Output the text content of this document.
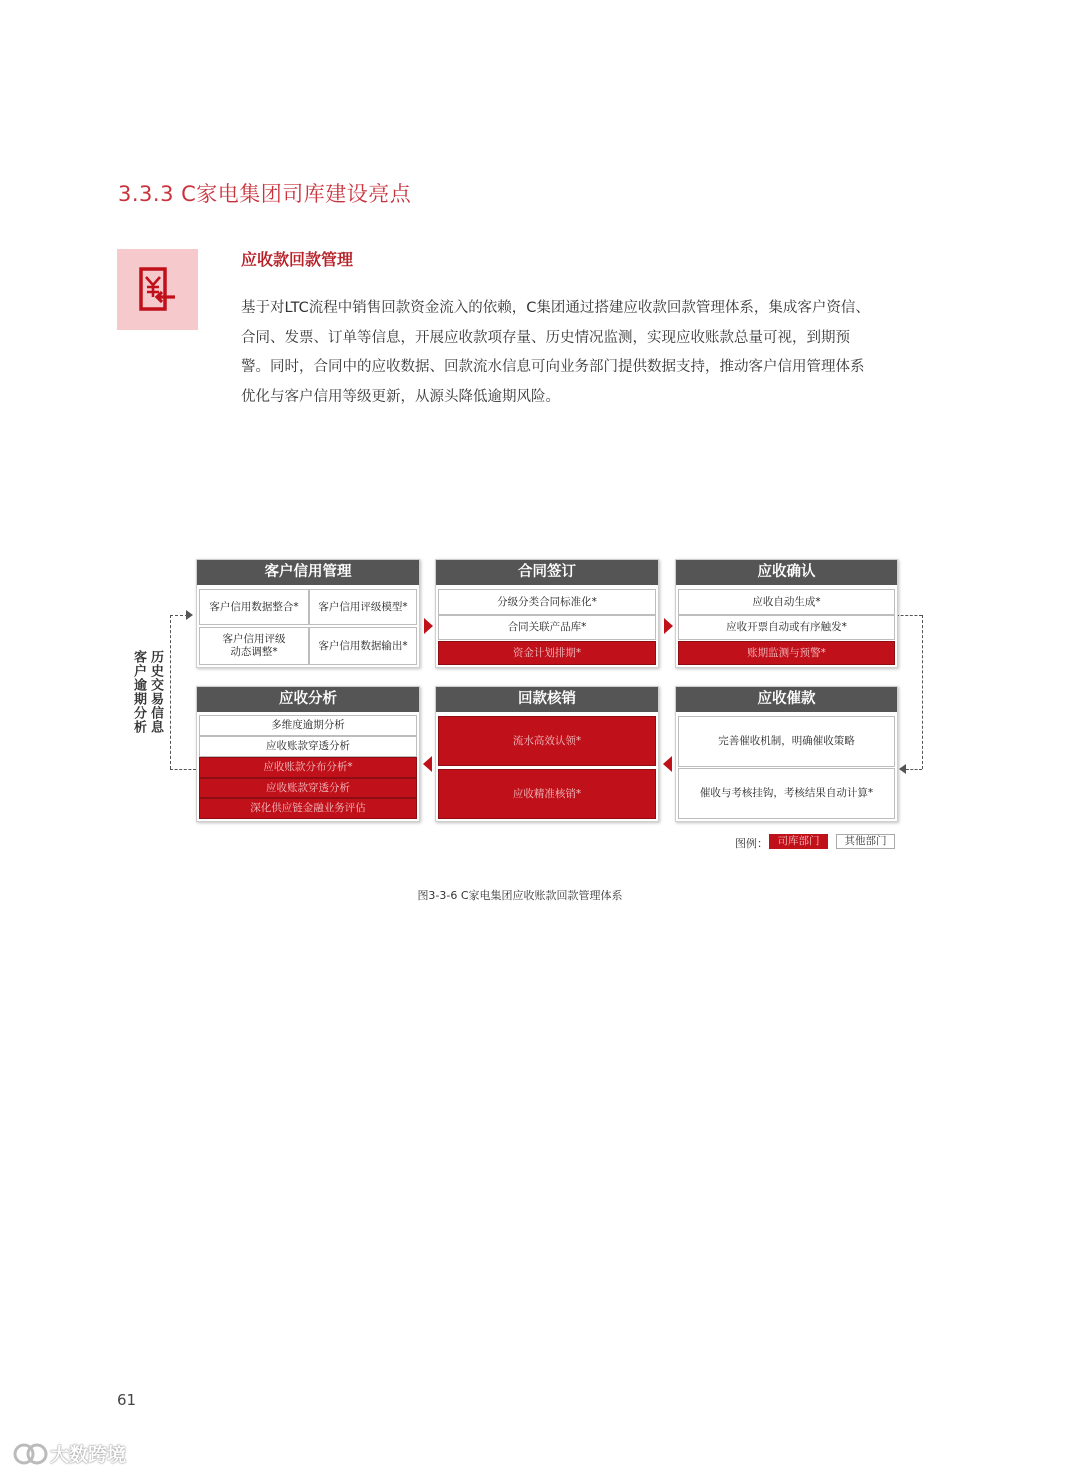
3.3.3 C家电集团司库建设亮点
应收款回款管理
基于对LTC流程中销售回款资金流入的依赖，C集团通过搭建应收款回款管理体系，集成客户资信、
合同、发票、订单等信息，开展应收款项存量、历史情况监测，实现应收账款总量可视，到期预
警。同时，合同中的应收数据、回款流水信息可向业务部门提供数据支持，推动客户信用管理体系
优化与客户信用等级更新，从源头降低逾期风险。
历史交易信息
客户逾期分析
客户信用管理
客户信用数据整合*	客户信用评级模型*
客户信用评级动态调整*
客户信用数据输出*
合同签订
分级分类合同标准化*
合同关联产品库*
资金计划排期*
应收确认
应收自动生成*
应收开票自动或有序触发*
账期监测与预警*
应收分析
多维度逾期分析
应收账款穿透分析
应收账款分布分析*
应收账款穿透分析
深化供应链金融业务评估
回款核销
流水高效认领*
应收精准核销*
应收催款
完善催收机制，明确催收策略
催收与考核挂钩，考核结果自动计算*
图例： 司库部门	其他部门
图3-3-6 C家电集团应收账款回款管理体系
61
大数跨境
